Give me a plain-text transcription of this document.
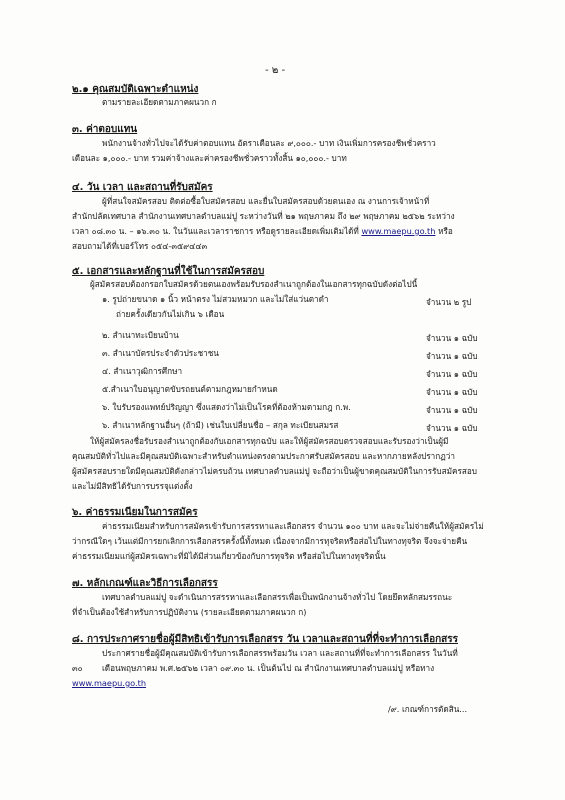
- ๒ -
๒.๑ คุณสมบัติเฉพาะตำแหน่ง
ตามรายละเอียดตามภาคผนวก ก
๓. ค่าตอบแทน
พนักงานจ้างทั่วไปจะได้รับค่าตอบแทน อัตราเดือนละ ๙,๐๐๐.- บาท เงินเพิ่มการครองชีพชั่วคราว
เดือนละ ๑,๐๐๐.- บาท รวมค่าจ้างและค่าครองชีพชั่วคราวทั้งสิ้น ๑๐,๐๐๐.- บาท
๔. วัน เวลา และสถานที่รับสมัคร
ผู้ที่สนใจสมัครสอบ ติดต่อซื้อใบสมัครสอบ และยื่นใบสมัครสอบด้วยตนเอง ณ งานการเจ้าหน้าที่
สำนักปลัดเทศบาล สำนักงานเทศบาลตำบลแม่ปู ระหว่างวันที่ ๒๑ พฤษภาคม ถึง ๒๙ พฤษภาคม ๒๕๖๒ ระหว่าง
เวลา ๐๘.๓๐ น. – ๑๖.๓๐ น. ในวันและเวลาราชการ หรือดูรายละเอียดเพิ่มเติมได้ที่ www.maepu.go.th หรือ
สอบถามได้ที่เบอร์โทร ๐๕๔-๓๕๙๔๔๓
๕. เอกสารและหลักฐานที่ใช้ในการสมัครสอบ
ผู้สมัครสอบต้องกรอกใบสมัครด้วยตนเองพร้อมรับรองสำเนาถูกต้องในเอกสารทุกฉบับดังต่อไปนี้
๑. รูปถ่ายขนาด ๑ นิ้ว หน้าตรง ไม่สวมหมวก และไม่ใส่แว่นตาดำ
ถ่ายครั้งเดียวกันไม่เกิน ๖ เดือน
จำนวน ๒ รูป
๒. สำเนาทะเบียนบ้าน	จำนวน ๑ ฉบับ
๓. สำเนาบัตรประจำตัวประชาชน	จำนวน ๑ ฉบับ
๔. สำเนาวุฒิการศึกษา	จำนวน ๑ ฉบับ
๕.สำเนาใบอนุญาตขับรถยนต์ตามกฎหมายกำหนด	จำนวน ๑ ฉบับ
๖. ใบรับรองแพทย์ปริญญา ซึ่งแสดงว่าไม่เป็นโรคที่ต้องห้ามตามกฎ ก.พ.	จำนวน ๑ ฉบับ
๖. สำเนาหลักฐานอื่นๆ (ถ้ามี) เช่นใบเปลี่ยนชื่อ – สกุล ทะเบียนสมรส	จำนวน ๑ ฉบับ
ให้ผู้สมัครลงชื่อรับรองสำเนาถูกต้องกับเอกสารทุกฉบับ และให้ผู้สมัครสอบตรวจสอบและรับรองว่าเป็นผู้มี
คุณสมบัติทั่วไปและมีคุณสมบัติเฉพาะสำหรับตำแหน่งตรงตามประกาศรับสมัครสอบ และหากภายหลังปรากฏว่า
ผู้สมัครสอบรายใดมีคุณสมบัติดังกล่าวไม่ครบถ้วน เทศบาลตำบลแม่ปู จะถือว่าเป็นผู้ขาดคุณสมบัติในการรับสมัครสอบ
และไม่มีสิทธิได้รับการบรรจุแต่งตั้ง
๖. ค่าธรรมเนียมในการสมัคร
ค่าธรรมเนียมสำหรับการสมัครเข้ารับการสรรหาและเลือกสรร จำนวน ๑๐๐ บาท และจะไม่จ่ายคืนให้ผู้สมัครไม่
ว่ากรณีใดๆ เว้นแต่มีการยกเลิกการเลือกสรรครั้งนี้ทั้งหมด เนื่องจากมีการทุจริตหรือส่อไปในทางทุจริต จึงจะจ่ายคืน
ค่าธรรมเนียมแก่ผู้สมัครเฉพาะที่มิได้มีส่วนเกี่ยวข้องกับการทุจริต หรือส่อไปในทางทุจริตนั้น
๗. หลักเกณฑ์และวิธีการเลือกสรร
เทศบาลตำบลแม่ปู จะดำเนินการสรรหาและเลือกสรรเพื่อเป็นพนักงานจ้างทั่วไป โดยยึดหลักสมรรถนะ
ที่จำเป็นต้องใช้สำหรับการปฏิบัติงาน (รายละเอียดตามภาคผนวก ก)
๘. การประกาศรายชื่อผู้มีสิทธิเข้ารับการเลือกสรร วัน เวลาและสถานที่ที่จะทำการเลือกสรร
ประกาศรายชื่อผู้มีคุณสมบัติเข้ารับการเลือกสรรพร้อมวัน เวลา และสถานที่ที่จะทำการเลือกสรร ในวันที่
๓๐ เดือนพฤษภาคม พ.ศ.๒๕๖๒ เวลา ๐๙.๓๐ น. เป็นต้นไป ณ สำนักงานเทศบาลตำบลแม่ปู หรือทาง
www.maepu.go.th
/๙. เกณฑ์การตัดสิน...
